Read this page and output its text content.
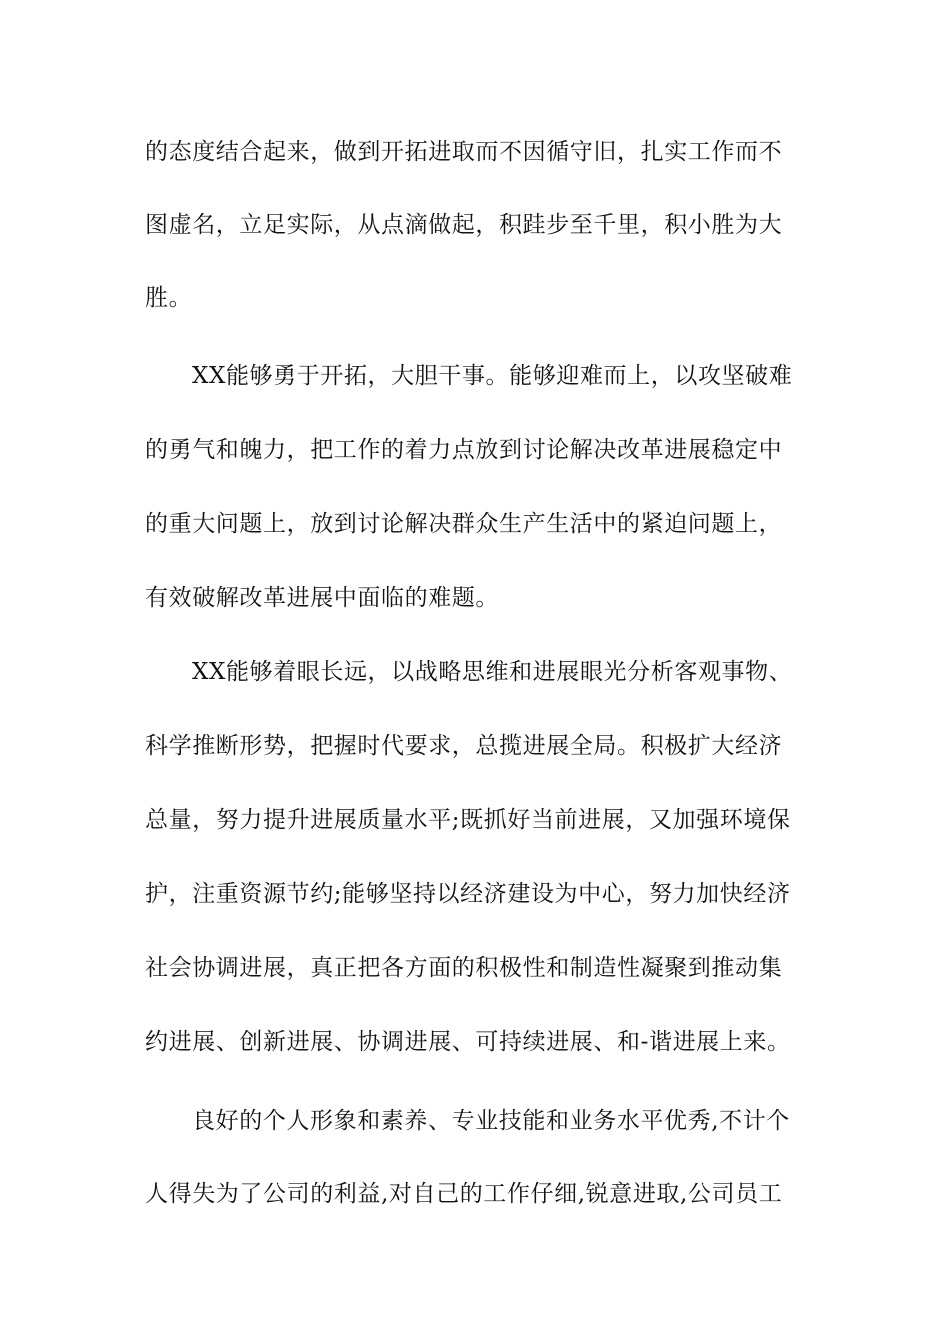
的态度结合起来，做到开拓进取而不因循守旧，扎实工作而不
图虚名，立足实际，从点滴做起，积跬步至千里，积小胜为大
胜。
XX能够勇于开拓，大胆干事。能够迎难而上，以攻坚破难
的勇气和魄力，把工作的着力点放到讨论解决改革进展稳定中
的重大问题上，放到讨论解决群众生产生活中的紧迫问题上，
有效破解改革进展中面临的难题。
XX能够着眼长远，以战略思维和进展眼光分析客观事物、
科学推断形势，把握时代要求，总揽进展全局。积极扩大经济
总量，努力提升进展质量水平;既抓好当前进展，又加强环境保
护，注重资源节约;能够坚持以经济建设为中心，努力加快经济
社会协调进展，真正把各方面的积极性和制造性凝聚到推动集
约进展、创新进展、协调进展、可持续进展、和-谐进展上来。
良好的个人形象和素养、专业技能和业务水平优秀,不计个
人得失为了公司的利益,对自己的工作仔细,锐意进取,公司员工
